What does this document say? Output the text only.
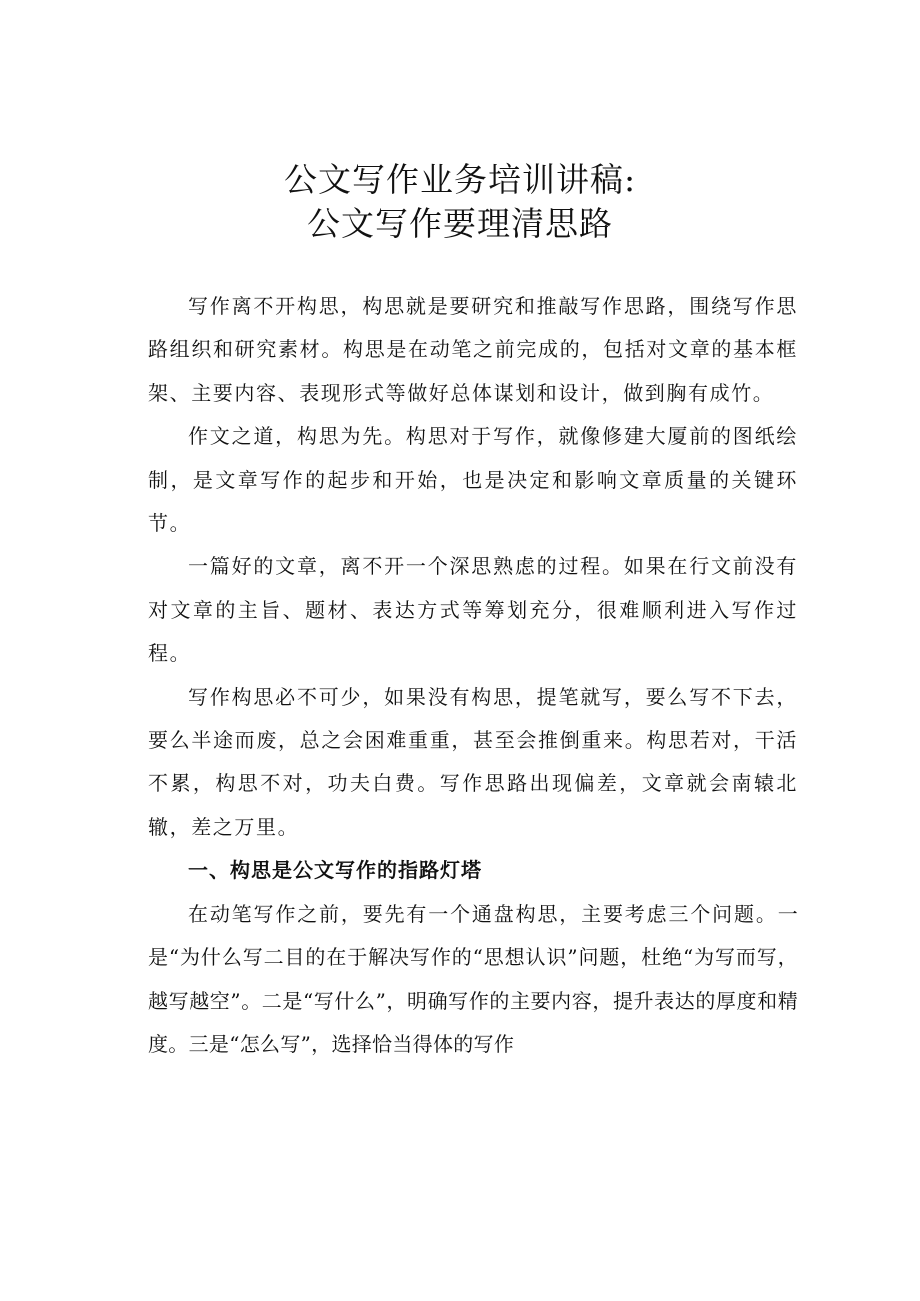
公文写作业务培训讲稿:
公文写作要理清思路

写作离不开构思，构思就是要研究和推敲写作思路，围绕写作思路组织和研究素材。构思是在动笔之前完成的，包括对文章的基本框架、主要内容、表现形式等做好总体谋划和设计，做到胸有成竹。

作文之道，构思为先。构思对于写作，就像修建大厦前的图纸绘制，是文章写作的起步和开始，也是决定和影响文章质量的关键环节。

一篇好的文章，离不开一个深思熟虑的过程。如果在行文前没有对文章的主旨、题材、表达方式等筹划充分，很难顺利进入写作过程。

写作构思必不可少，如果没有构思，提笔就写，要么写不下去，要么半途而废，总之会困难重重，甚至会推倒重来。构思若对，干活不累，构思不对，功夫白费。写作思路出现偏差，文章就会南辕北辙，差之万里。

一、构思是公文写作的指路灯塔

在动笔写作之前，要先有一个通盘构思，主要考虑三个问题。一是“为什么写二目的在于解决写作的“思想认识”问题，杜绝“为写而写，越写越空”。二是“写什么”，明确写作的主要内容，提升表达的厚度和精度。三是“怎么写”，选择恰当得体的写作
